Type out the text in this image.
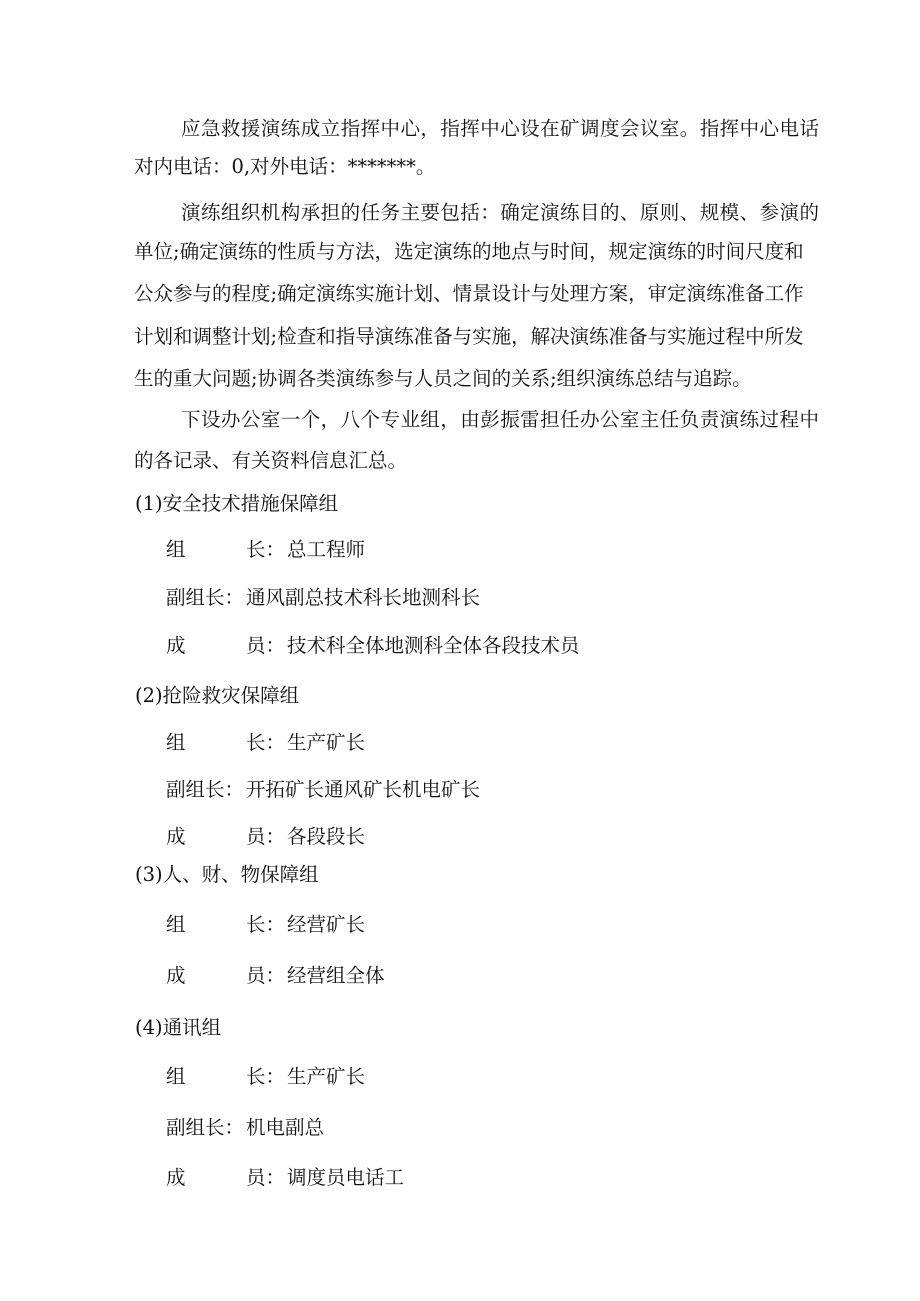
应急救援演练成立指挥中心，指挥中心设在矿调度会议室。指挥中心电话
对内电话：0,对外电话：*******。
演练组织机构承担的任务主要包括：确定演练目的、原则、规模、参演的
单位;确定演练的性质与方法，选定演练的地点与时间，规定演练的时间尺度和
公众参与的程度;确定演练实施计划、情景设计与处理方案，审定演练准备工作
计划和调整计划;检查和指导演练准备与实施，解决演练准备与实施过程中所发
生的重大问题;协调各类演练参与人员之间的关系;组织演练总结与追踪。
下设办公室一个，八个专业组，由彭振雷担任办公室主任负责演练过程中
的各记录、有关资料信息汇总。
(1)安全技术措施保障组
组	长： 总工程师
副组长： 通风副总技术科长地测科长
成	员： 技术科全体地测科全体各段技术员
(2)抢险救灾保障组
组	长： 生产矿长
副组长： 开拓矿长通风矿长机电矿长
成	员： 各段段长
(3)人、财、物保障组
组	长： 经营矿长
成	员： 经营组全体
(4)通讯组
组	长： 生产矿长
副组长： 机电副总
成	员： 调度员电话工
